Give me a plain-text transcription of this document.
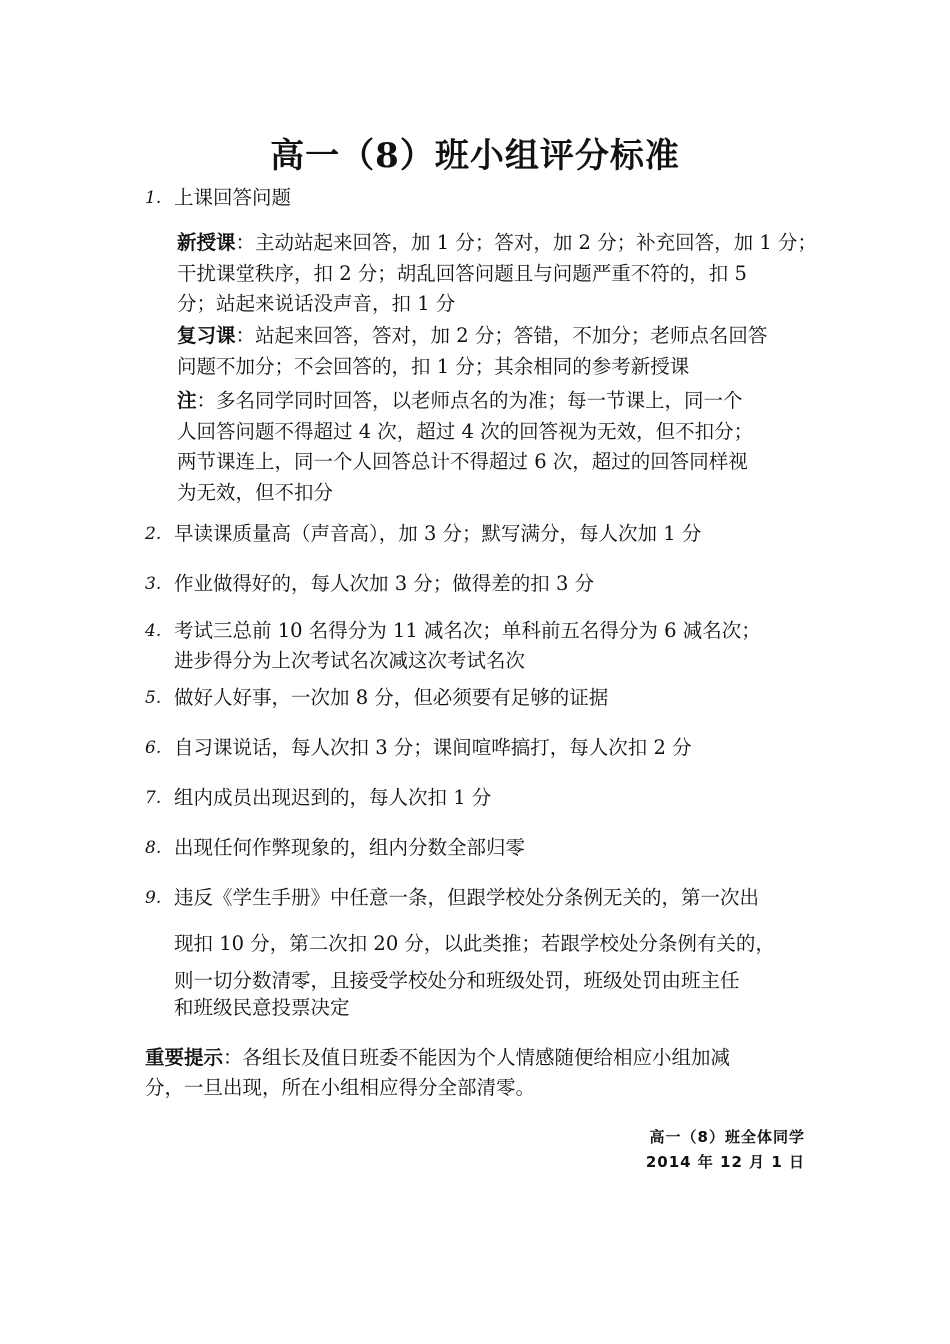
高一（8）班小组评分标准
1. 上课回答问题
新授课：主动站起来回答，加 1 分；答对，加 2 分；补充回答，加 1 分；
干扰课堂秩序，扣 2 分；胡乱回答问题且与问题严重不符的，扣 5
分；站起来说话没声音，扣 1 分
复习课：站起来回答，答对，加 2 分；答错，不加分；老师点名回答
问题不加分；不会回答的，扣 1 分；其余相同的参考新授课
注：多名同学同时回答，以老师点名的为准；每一节课上，同一个
人回答问题不得超过 4 次，超过 4 次的回答视为无效，但不扣分；
两节课连上，同一个人回答总计不得超过 6 次，超过的回答同样视
为无效，但不扣分
2. 早读课质量高（声音高），加 3 分；默写满分，每人次加 1 分
3. 作业做得好的，每人次加 3 分；做得差的扣 3 分
4. 考试三总前 10 名得分为 11 减名次；单科前五名得分为 6 减名次；
进步得分为上次考试名次减这次考试名次
5. 做好人好事，一次加 8 分，但必须要有足够的证据
6. 自习课说话，每人次扣 3 分；课间喧哗搞打，每人次扣 2 分
7. 组内成员出现迟到的，每人次扣 1 分
8. 出现任何作弊现象的，组内分数全部归零
9. 违反《学生手册》中任意一条，但跟学校处分条例无关的，第一次出
现扣 10 分，第二次扣 20 分，以此类推；若跟学校处分条例有关的，
则一切分数清零，且接受学校处分和班级处罚，班级处罚由班主任
和班级民意投票决定
重要提示：各组长及值日班委不能因为个人情感随便给相应小组加减
分，一旦出现，所在小组相应得分全部清零。
高一（8）班全体同学
2014 年 12 月 1 日
